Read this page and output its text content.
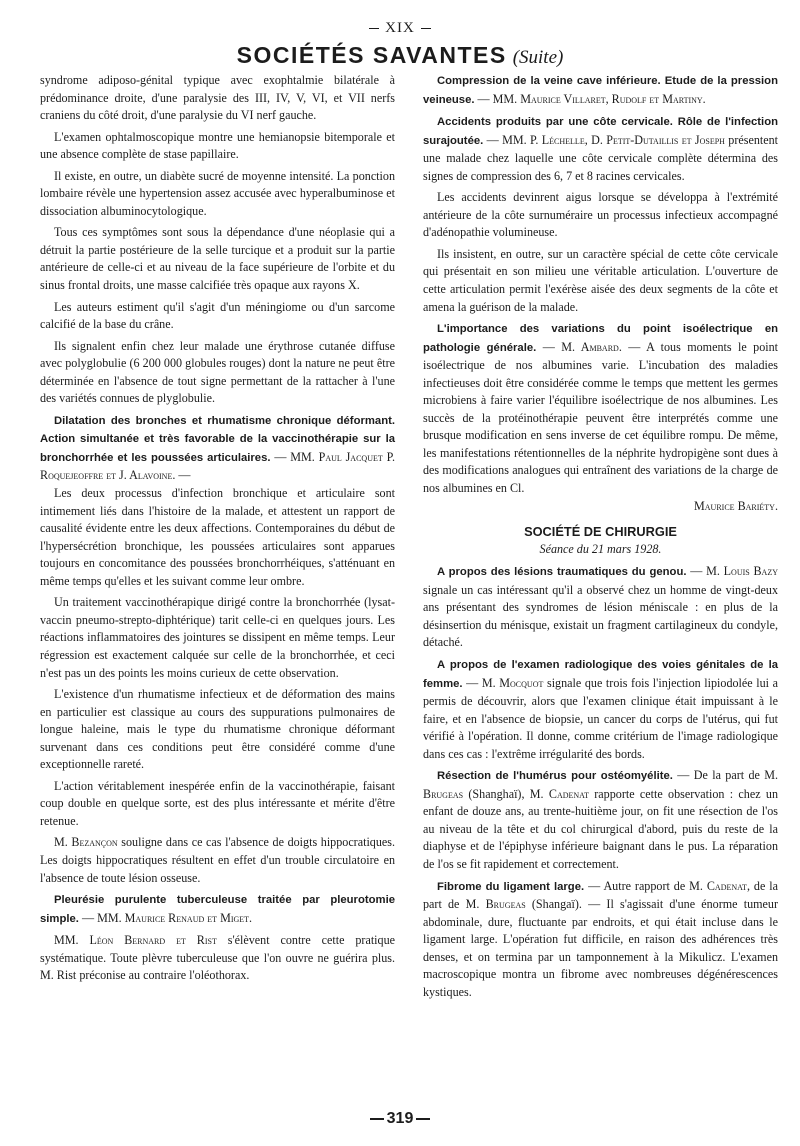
XIX
SOCIÉTÉS SAVANTES (Suite)

syndrome adiposo-génital typique avec exophtalmie bilatérale à prédominance droite, d'une paralysie des III, IV, V, VI, et VII nerfs craniens du côté droit, d'une paralysie du VI nerf gauche.

L'examen ophtalmoscopique montre une hemianopsie bitemporale et une absence complète de stase papillaire.

Il existe, en outre, un diabète sucré de moyenne intensité. La ponction lombaire révèle une hypertension assez accusée avec hyperalbuminose et dissociation albuminocytologique.

Tous ces symptômes sont sous la dépendance d'une néoplasie qui a détruit la partie postérieure de la selle turcique et a produit sur la partie antérieure de celle-ci et au niveau de la face supérieure de l'orbite et du sinus frontal droits, une masse calcifiée très opaque aux rayons X.

Les auteurs estiment qu'il s'agit d'un méningiome ou d'un sarcome calcifié de la base du crâne.

Ils signalent enfin chez leur malade une érythrose cutanée diffuse avec polyglobulie (6 200 000 globules rouges) dont la nature ne peut être déterminée en l'absence de tout signe permettant de la rattacher à l'une des variétés connues de plyglobulie.

Dilatation des bronches et rhumatisme chronique déformant. Action simultanée et très favorable de la vaccinothérapie sur la bronchorrhée et les poussées articulaires. — MM. Paul Jacquet P. Roquejeoffre et J. Alavoine. —

Les deux processus d'infection bronchique et articulaire sont intimement liés dans l'histoire de la malade, et attestent un rapport de causalité évidente entre les deux affections. Contemporaines du début de l'hypersécrétion bronchique, les poussées articulaires sont apparues toujours en concomitance des poussées bronchorrhéiques, s'atténuant en même temps qu'elles et les suivant comme leur ombre.

Un traitement vaccinothérapique dirigé contre la bronchorrhée (lysat-vaccin pneumo-strepto-diphtérique) tarit celle-ci en quelques jours. Les réactions inflammatoires des jointures se dissipent en même temps. Leur régression est exactement calquée sur celle de la bronchorrhée, et ceci n'est pas un des points les moins curieux de cette observation.

L'existence d'un rhumatisme infectieux et de déformation des mains en particulier est classique au cours des suppurations pulmonaires de longue haleine, mais le type du rhumatisme chronique déformant survenant dans ces conditions peut être considéré comme d'une exceptionnelle rareté.

L'action véritablement inespérée enfin de la vaccinothérapie, faisant coup double en quelque sorte, est des plus intéressante et mérite d'être retenue.

M. Bezançon souligne dans ce cas l'absence de doigts hippocratiques. Les doigts hippocratiques résultent en effet d'un trouble circulatoire en l'absence de toute lésion osseuse.

Pleurésie purulente tuberculeuse traitée par pleurotomie simple. — MM. Maurice Renaud et Miget.

MM. Léon Bernard et Rist s'élèvent contre cette pratique systématique. Toute plèvre tuberculeuse que l'on ouvre ne guérira plus. M. Rist préconise au contraire l'oléothorax.

Compression de la veine cave inférieure. Etude de la pression veineuse. — MM. Maurice Villaret, Rudolf et Martiny.

Accidents produits par une côte cervicale. Rôle de l'infection surajoutée. — MM. P. Léchelle, D. Petit-Dutaillis et Joseph présentent une malade chez laquelle une côte cervicale complète détermina des signes de compression des 6, 7 et 8 racines cervicales.

Les accidents devinrent aigus lorsque se développa à l'extrémité antérieure de la côte surnuméraire un processus infectieux accompagné d'adénopathie volumineuse.

Ils insistent, en outre, sur un caractère spécial de cette côte cervicale qui présentait en son milieu une véritable articulation. L'ouverture de cette articulation permit l'exérèse aisée des deux segments de la côte et amena la guérison de la malade.

L'importance des variations du point isoélectrique en pathologie générale. — M. Ambard. — A tous moments le point isoélectrique de nos albumines varie. L'incubation des maladies infectieuses doit être considérée comme le temps que mettent les germes microbiens à faire varier l'équilibre isoélectrique de nos albumines. Les succès de la protéinothérapie peuvent être interprétés comme une brusque modification en sens inverse de cet équilibre rompu. De même, les manifestations rétentionnelles de la néphrite hydropigène sont dues à des modifications analogues qui entraînent des variations de la charge de nos albumines en Cl.

Maurice Bariéty.

SOCIÉTÉ DE CHIRURGIE
Séance du 21 mars 1928.

A propos des lésions traumatiques du genou. — M. Louis Bazy signale un cas intéressant qu'il a observé chez un homme de vingt-deux ans présentant des syndromes de lésion méniscale : en plus de la désinsertion du ménisque, existait un fragment cartilagineux du condyle, détaché.

A propos de l'examen radiologique des voies génitales de la femme. — M. Mocquot signale que trois fois l'injection lipiodolée lui a permis de découvrir, alors que l'examen clinique était impuissant à le faire, et en l'absence de biopsie, un cancer du corps de l'utérus, qui fut vérifié à l'opération. Il donne, comme critérium de l'image radiologique dans ces cas : l'extrême irrégularité des bords.

Résection de l'humérus pour ostéomyélite. — De la part de M. Brugeas (Shanghaï), M. Cadenat rapporte cette observation : chez un enfant de douze ans, au trente-huitième jour, on fit une résection de l'os au niveau de la tête et du col chirurgical d'abord, puis du reste de la diaphyse et de l'épiphyse inférieure baignant dans le pus. La réparation de l'os se fit rapidement et correctement.

Fibrome du ligament large. — Autre rapport de M. Cadenat, de la part de M. Brugeas (Shangaï). — Il s'agissait d'une énorme tumeur abdominale, dure, fluctuante par endroits, et qui était incluse dans le ligament large. L'opération fut difficile, en raison des adhérences très denses, et on termina par un tamponnement à la Mikulicz. L'examen macroscopique montra un fibrome avec nombreuses dégénérescences kystiques.

319
